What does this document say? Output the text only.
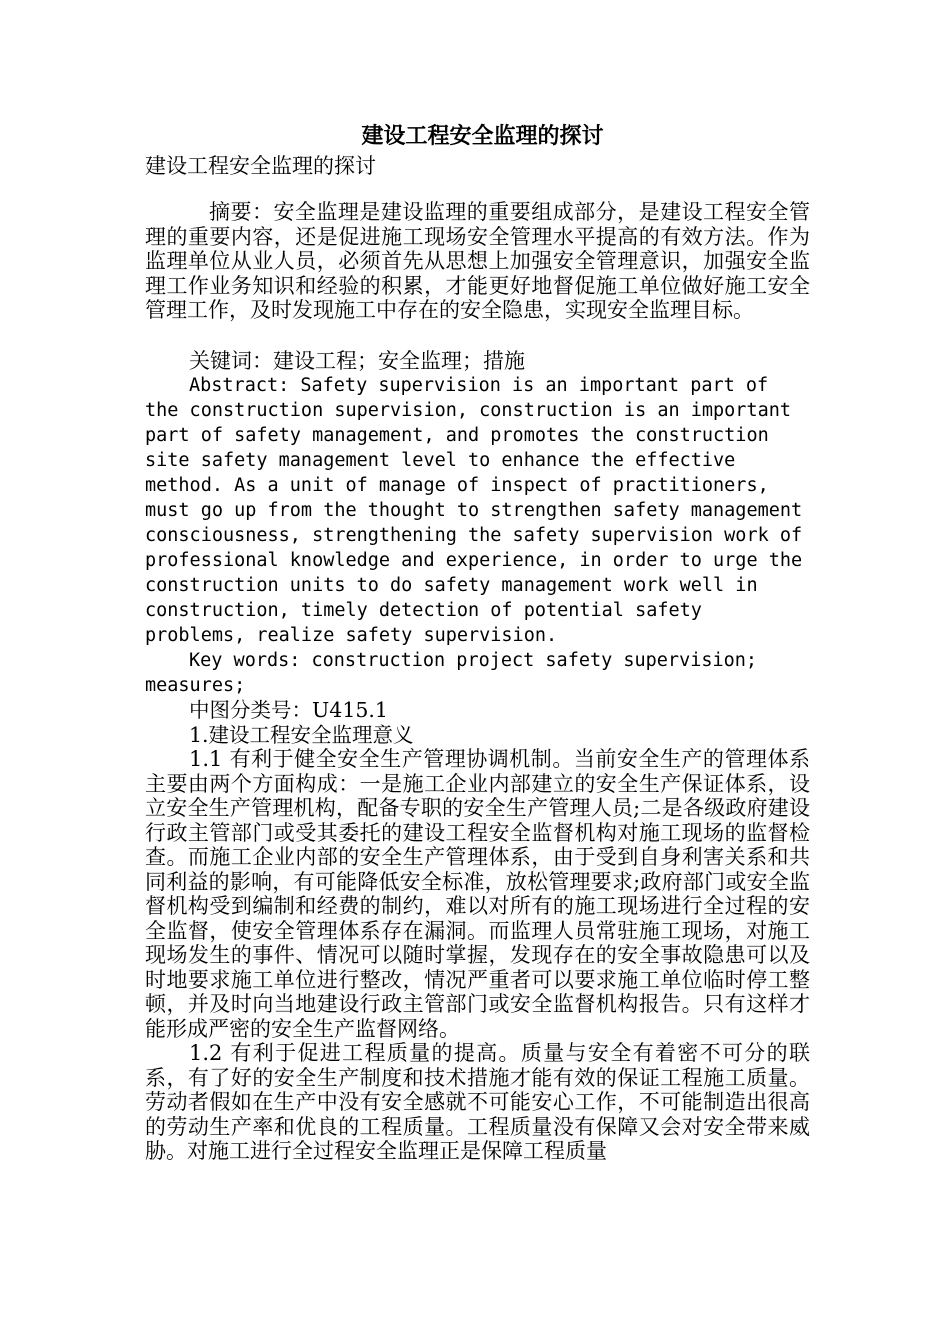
建设工程安全监理的探讨

建设工程安全监理的探讨

摘要：安全监理是建设监理的重要组成部分，是建设工程安全管理的重要内容，还是促进施工现场安全管理水平提高的有效方法。作为监理单位从业人员，必须首先从思想上加强安全管理意识，加强安全监理工作业务知识和经验的积累，才能更好地督促施工单位做好施工安全管理工作，及时发现施工中存在的安全隐患，实现安全监理目标。

关键词：建设工程；安全监理；措施

Abstract: Safety supervision is an important part of the construction supervision, construction is an important part of safety management, and promotes the construction site safety management level to enhance the effective method. As a unit of manage of inspect of practitioners, must go up from the thought to strengthen safety management consciousness, strengthening the safety supervision work of professional knowledge and experience, in order to urge the construction units to do safety management work well in construction, timely detection of potential safety problems, realize safety supervision.

Key words: construction project safety supervision; measures;

中图分类号：U415.1

1.建设工程安全监理意义

1.1 有利于健全安全生产管理协调机制。当前安全生产的管理体系主要由两个方面构成：一是施工企业内部建立的安全生产保证体系，设立安全生产管理机构，配备专职的安全生产管理人员;二是各级政府建设行政主管部门或受其委托的建设工程安全监督机构对施工现场的监督检查。而施工企业内部的安全生产管理体系，由于受到自身利害关系和共同利益的影响，有可能降低安全标准，放松管理要求;政府部门或安全监督机构受到编制和经费的制约，难以对所有的施工现场进行全过程的安全监督，使安全管理体系存在漏洞。而监理人员常驻施工现场，对施工现场发生的事件、情况可以随时掌握，发现存在的安全事故隐患可以及时地要求施工单位进行整改，情况严重者可以要求施工单位临时停工整顿，并及时向当地建设行政主管部门或安全监督机构报告。只有这样才能形成严密的安全生产监督网络。

1.2 有利于促进工程质量的提高。质量与安全有着密不可分的联系，有了好的安全生产制度和技术措施才能有效的保证工程施工质量。劳动者假如在生产中没有安全感就不可能安心工作，不可能制造出很高的劳动生产率和优良的工程质量。工程质量没有保障又会对安全带来威胁。对施工进行全过程安全监理正是保障工程质量
